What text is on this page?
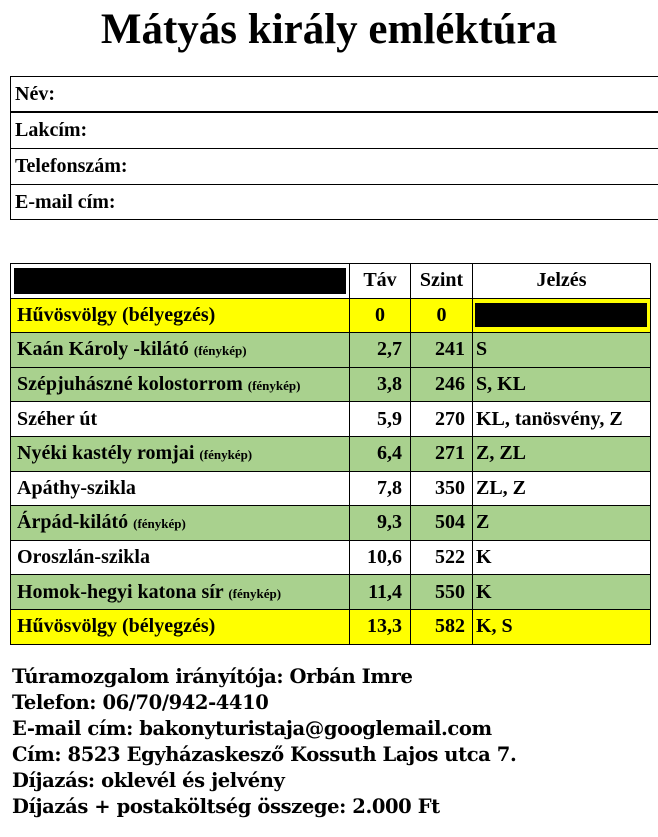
Mátyás király emléktúra
Név:
Lakcím:
Telefonszám:
E-mail cím:
	Táv	Szint	Jelzés
Hűvösvölgy (bélyegzés)	0	0	

Kaán Károly -kilátó (fénykép)	2,7	241	S
Szépjuhászné kolostorrom (fénykép)	3,8	246	S, KL
Széher út	5,9	270	KL, tanösvény, Z
Nyéki kastély romjai (fénykép)	6,4	271	Z, ZL
Apáthy-szikla	7,8	350	ZL, Z
Árpád-kilátó (fénykép)	9,3	504	Z
Oroszlán-szikla	10,6	522	K
Homok-hegyi katona sír (fénykép)	11,4	550	K
Hűvösvölgy (bélyegzés)	13,3	582	K, S
Túramozgalom irányítója: Orbán Imre
Telefon: 06/70/942-4410
E-mail cím: bakonyturistaja@googlemail.com
Cím: 8523 Egyházaskesző Kossuth Lajos utca 7.
Díjazás: oklevél és jelvény
Díjazás + postaköltség összege: 2.000 Ft
